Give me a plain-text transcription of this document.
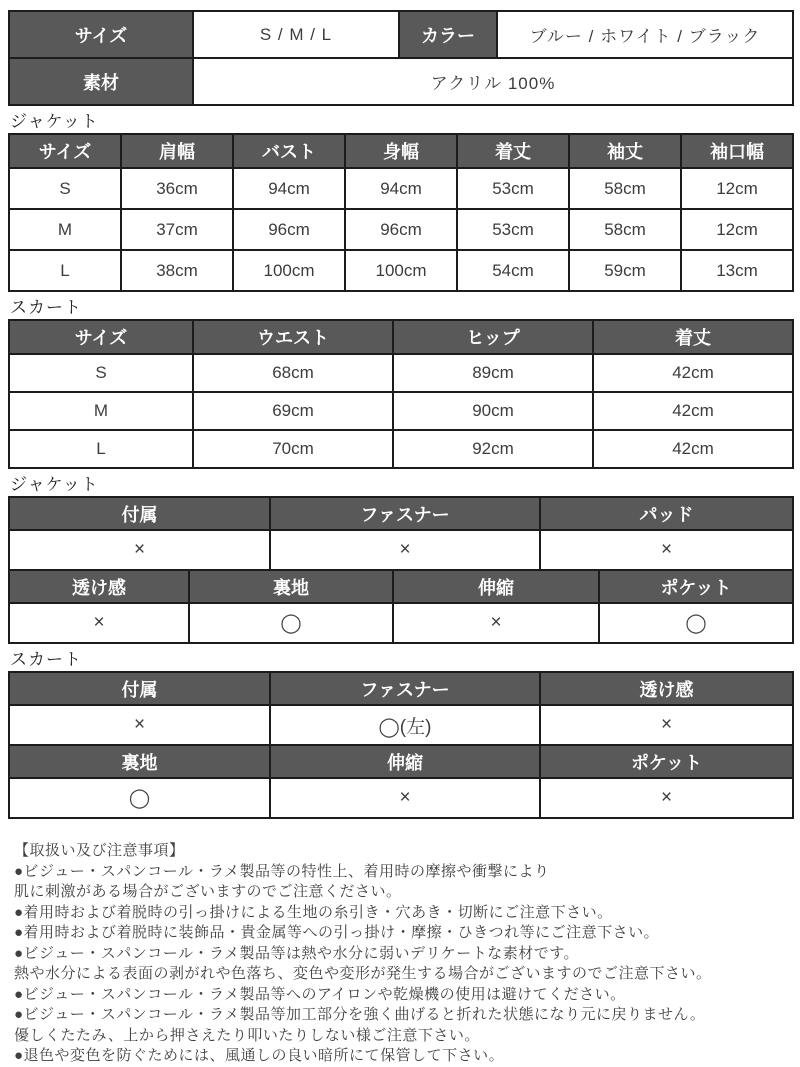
サイズ	S / M / L	カラー	ブルー / ホワイト / ブラック
素材	アクリル 100%		
ジャケット
サイズ	肩幅	バスト	身幅	着丈	袖丈	袖口幅
S	36cm	94cm	94cm	53cm	58cm	12cm
M	37cm	96cm	96cm	53cm	58cm	12cm
L	38cm	100cm	100cm	54cm	59cm	13cm
スカート
サイズ	ウエスト	ヒップ	着丈
S	68cm	89cm	42cm
M	69cm	90cm	42cm
L	70cm	92cm	42cm
ジャケット
付属	ファスナー	パッド
×	×	×
透け感	裏地	伸縮	ポケット
×	◯	×	◯
スカート
付属	ファスナー	透け感
×	◯(左)	×
裏地	伸縮	ポケット
◯	×	×
【取扱い及び注意事項】
●ビジュー・スパンコール・ラメ製品等の特性上、着用時の摩擦や衝撃により
肌に刺激がある場合がございますのでご注意ください。
●着用時および着脱時の引っ掛けによる生地の糸引き・穴あき・切断にご注意下さい。
●着用時および着脱時に装飾品・貴金属等への引っ掛け・摩擦・ひきつれ等にご注意下さい。
●ビジュー・スパンコール・ラメ製品等は熱や水分に弱いデリケートな素材です。
熱や水分による表面の剥がれや色落ち、変色や変形が発生する場合がございますのでご注意下さい。
●ビジュー・スパンコール・ラメ製品等へのアイロンや乾燥機の使用は避けてください。
●ビジュー・スパンコール・ラメ製品等加工部分を強く曲げると折れた状態になり元に戻りません。
優しくたたみ、上から押さえたり叩いたりしない様ご注意下さい。
●退色や変色を防ぐためには、風通しの良い暗所にて保管して下さい。
